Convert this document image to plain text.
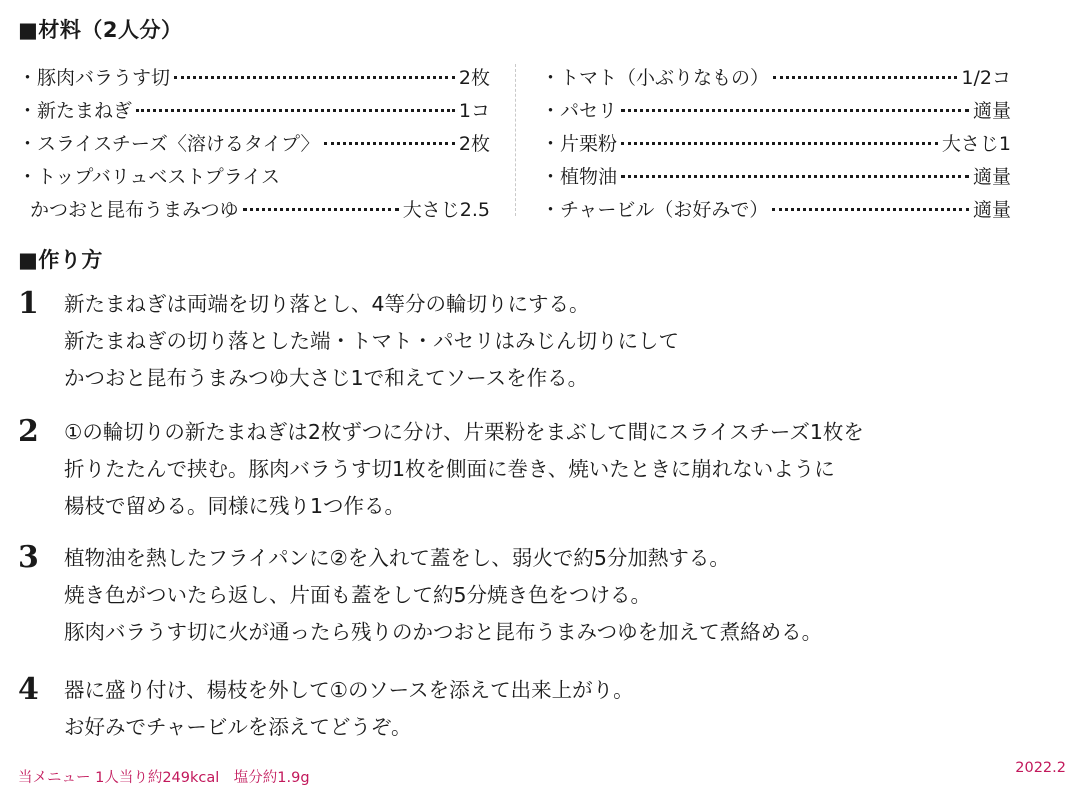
■材料（2人分）
・豚肉バラうす切	2枚
・新たまねぎ	1コ
・スライスチーズ〈溶けるタイプ〉	2枚
・トップバリュベストプライス
かつおと昆布うまみつゆ	大さじ2.5
・トマト（小ぶりなもの）	1/2コ
・パセリ	適量
・片栗粉	大さじ1
・植物油	適量
・チャービル（お好みで）	適量
■作り方
1 新たまねぎは両端を切り落とし、4等分の輪切りにする。
新たまねぎの切り落とした端・トマト・パセリはみじん切りにして
かつおと昆布うまみつゆ大さじ1で和えてソースを作る。
2 ①の輪切りの新たまねぎは2枚ずつに分け、片栗粉をまぶして間にスライスチーズ1枚を
折りたたんで挟む。豚肉バラうす切1枚を側面に巻き、焼いたときに崩れないように
楊枝で留める。同様に残り1つ作る。
3 植物油を熱したフライパンに②を入れて蓋をし、弱火で約5分加熱する。
焼き色がついたら返し、片面も蓋をして約5分焼き色をつける。
豚肉バラうす切に火が通ったら残りのかつおと昆布うまみつゆを加えて煮絡める。
4 器に盛り付け、楊枝を外して①のソースを添えて出来上がり。
お好みでチャービルを添えてどうぞ。
当メニュー 1人当り約249kcal　塩分約1.9g
2022.2
